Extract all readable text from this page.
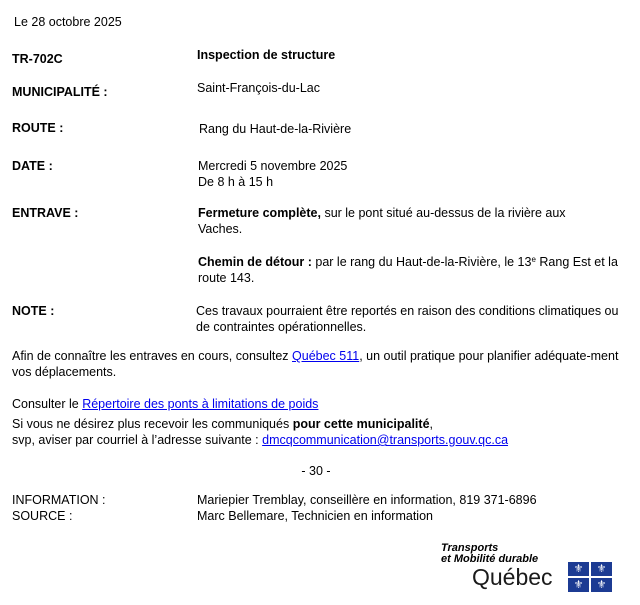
Le 28 octobre 2025
TR-702C	Inspection de structure
MUNICIPALITÉ :	Saint-François-du-Lac
ROUTE :	Rang du Haut-de-la-Rivière
DATE :	Mercredi 5 novembre 2025
De 8 h à 15 h
ENTRAVE :	Fermeture complète, sur le pont situé au-dessus de la rivière aux Vaches.
Chemin de détour : par le rang du Haut-de-la-Rivière, le 13e Rang Est et la route 143.
NOTE :	Ces travaux pourraient être reportés en raison des conditions climatiques ou de contraintes opérationnelles.
Afin de connaître les entraves en cours, consultez Québec 511, un outil pratique pour planifier adéquate-ment vos déplacements.
Consulter le Répertoire des ponts à limitations de poids
Si vous ne désirez plus recevoir les communiqués pour cette municipalité,
svp, aviser par courriel à l’adresse suivante : dmcqcommunication@transports.gouv.qc.ca
- 30 -
INFORMATION :	Mariepier Tremblay, conseillère en information, 819 371-6896
SOURCE :	Marc Bellemare, Technicien en information
Transports
et Mobilité durable
Québec	⚜	⚜
⚜	⚜
